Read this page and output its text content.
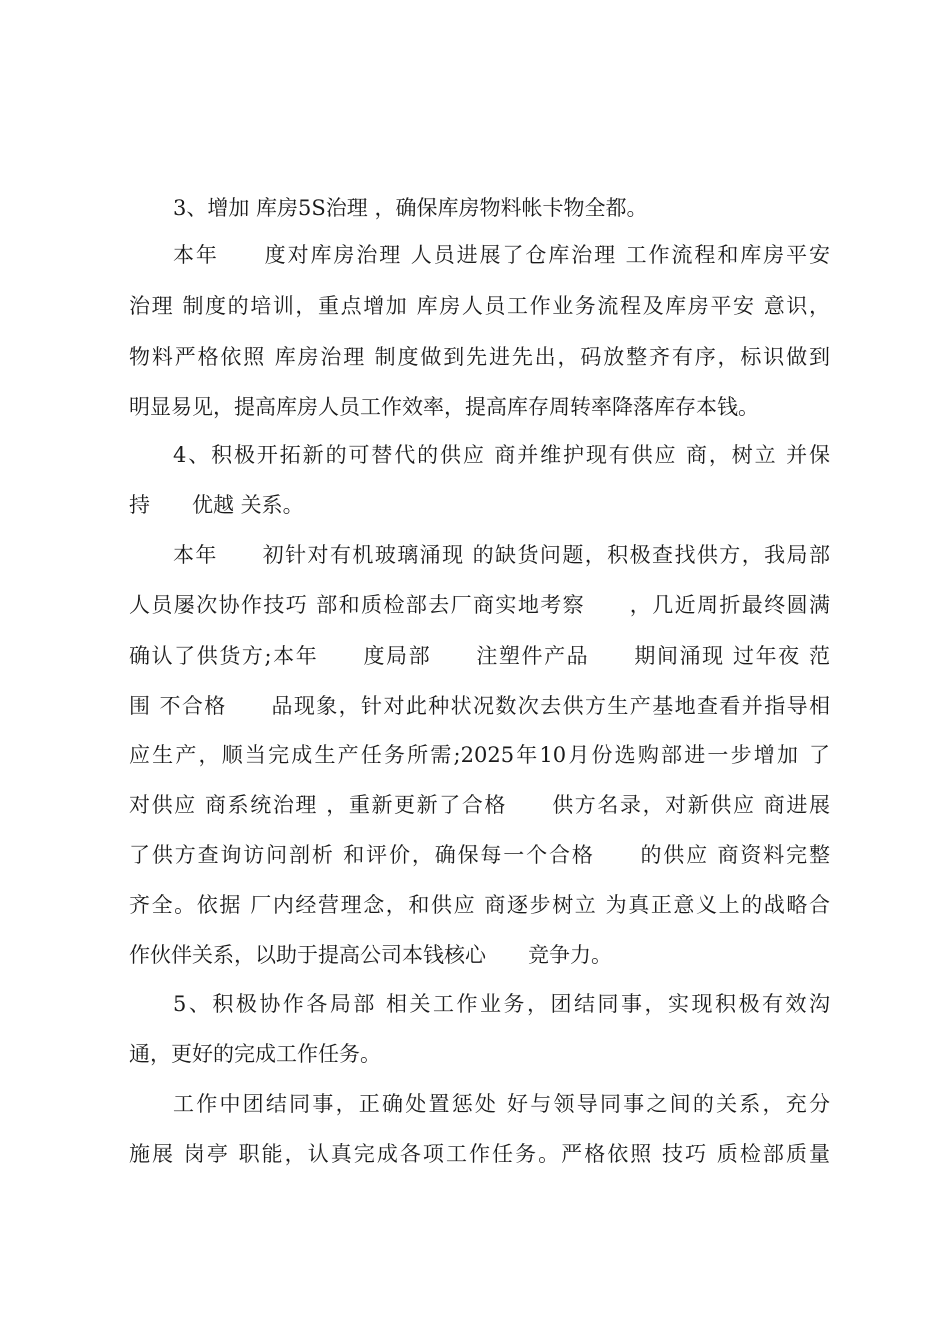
3、增加 库房5S治理 ，确保库房物料帐卡物全都。
本年　　度对库房治理 人员进展了仓库治理 工作流程和库房平安
治理 制度的培训，重点增加 库房人员工作业务流程及库房平安 意识，
物料严格依照 库房治理 制度做到先进先出，码放整齐有序，标识做到
明显易见，提高库房人员工作效率，提高库存周转率降落库存本钱。
4、积极开拓新的可替代的供应 商并维护现有供应 商，树立 并保
持　　优越 关系。
本年　　初针对有机玻璃涌现 的缺货问题，积极查找供方，我局部
人员屡次协作技巧 部和质检部去厂商实地考察　　，几近周折最终圆满
确认了供货方;本年　　度局部　　注塑件产品　　期间涌现 过年夜 范
围 不合格　　品现象，针对此种状况数次去供方生产基地查看并指导相
应生产，顺当完成生产任务所需;2025年10月份选购部进一步增加 了
对供应 商系统治理 ，重新更新了合格　　供方名录，对新供应 商进展
了供方查询访问剖析 和评价，确保每一个合格　　的供应 商资料完整
齐全。依据 厂内经营理念，和供应 商逐步树立 为真正意义上的战略合
作伙伴关系，以助于提高公司本钱核心　　竞争力。
5、积极协作各局部 相关工作业务，团结同事，实现积极有效沟
通，更好的完成工作任务。
工作中团结同事，正确处置惩处 好与领导同事之间的关系，充分
施展 岗亭 职能，认真完成各项工作任务。严格依照 技巧 质检部质量
